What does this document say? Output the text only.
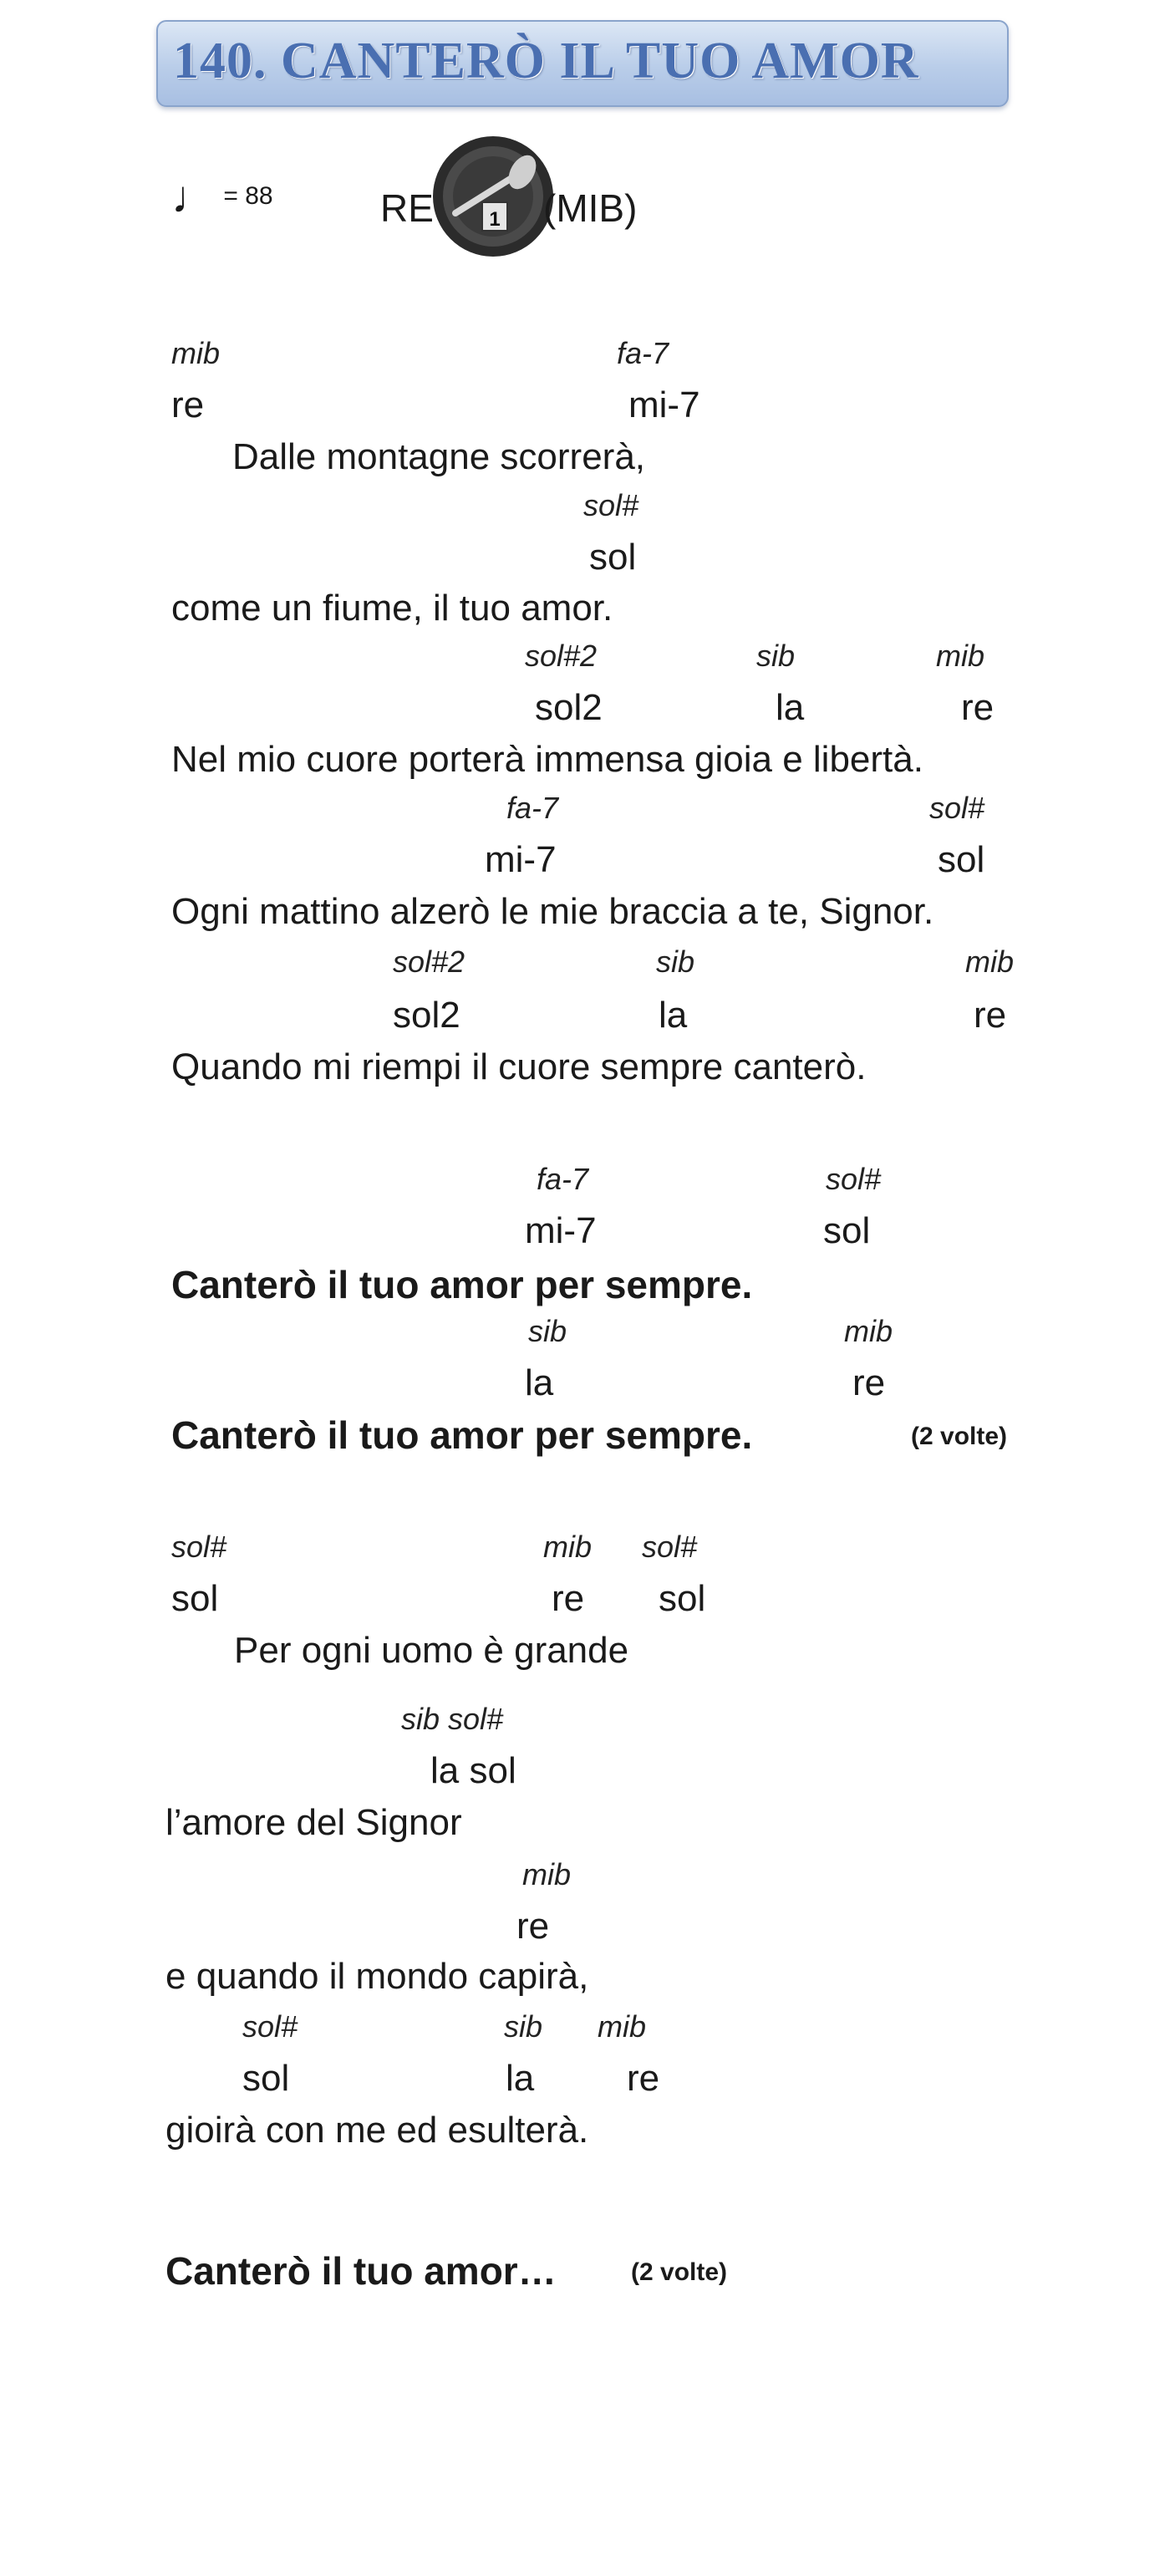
140. CANTERÒ IL TUO AMOR
♩ = 88	RE	1 (MIB)
mib	fa-7
re	mi-7
Dalle montagne scorrerà,
sol#
sol
come un fiume, il tuo amor.
sol#2	sib	mib
sol2	la	re
Nel mio cuore porterà immensa gioia e libertà.
fa-7	sol#
mi-7	sol
Ogni mattino alzerò le mie braccia a te, Signor.
sol#2	sib	mib
sol2	la	re
Quando mi riempi il cuore sempre canterò.
fa-7	sol#
mi-7	sol
Canterò il tuo amor per sempre.
sib	mib
la	re
Canterò il tuo amor per sempre.	(2 volte)
sol#	mib sol#
sol	re sol
Per ogni uomo è grande
sib sol#
la sol
l’amore del Signor
mib
re
e quando il mondo capirà,
sol#	sib mib
sol	la	re
gioirà con me ed esulterà.
Canterò il tuo amor…	(2 volte)
